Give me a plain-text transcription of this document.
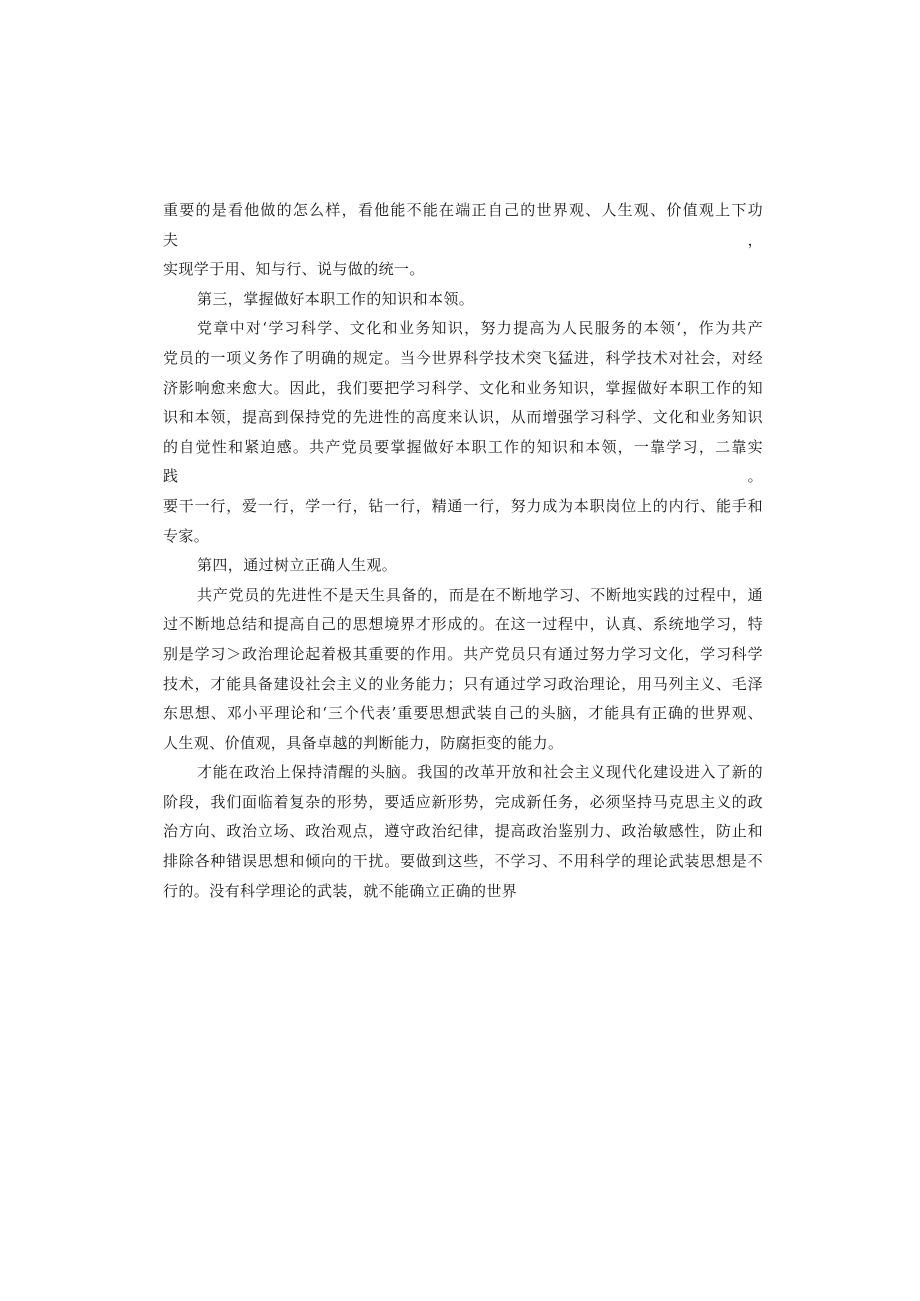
重要的是看他做的怎么样，看他能不能在端正自己的世界观、人生观、价值观上下功夫，
实现学于用、知与行、说与做的统一。

第三，掌握做好本职工作的知识和本领。

党章中对‘学习科学、文化和业务知识，努力提高为人民服务的本领‘，作为共产
党员的一项义务作了明确的规定。当今世界科学技术突飞猛进，科学技术对社会，对经
济影响愈来愈大。因此，我们要把学习科学、文化和业务知识，掌握做好本职工作的知
识和本领，提高到保持党的先进性的高度来认识，从而增强学习科学、文化和业务知识
的自觉性和紧迫感。共产党员要掌握做好本职工作的知识和本领，一靠学习，二靠实践。
要干一行，爱一行，学一行，钻一行，精通一行，努力成为本职岗位上的内行、能手和
专家。

第四，通过树立正确人生观。

共产党员的先进性不是天生具备的，而是在不断地学习、不断地实践的过程中，通
过不断地总结和提高自己的思想境界才形成的。在这一过程中，认真、系统地学习，特
别是学习＞政治理论起着极其重要的作用。共产党员只有通过努力学习文化，学习科学
技术，才能具备建设社会主义的业务能力；只有通过学习政治理论，用马列主义、毛泽
东思想、邓小平理论和‘三个代表’重要思想武装自己的头脑，才能具有正确的世界观、
人生观、价值观，具备卓越的判断能力，防腐拒变的能力。

才能在政治上保持清醒的头脑。我国的改革开放和社会主义现代化建设进入了新的
阶段，我们面临着复杂的形势，要适应新形势，完成新任务，必须坚持马克思主义的政
治方向、政治立场、政治观点，遵守政治纪律，提高政治鉴别力、政治敏感性，防止和
排除各种错误思想和倾向的干扰。要做到这些，不学习、不用科学的理论武装思想是不
行的。没有科学理论的武装，就不能确立正确的世界
